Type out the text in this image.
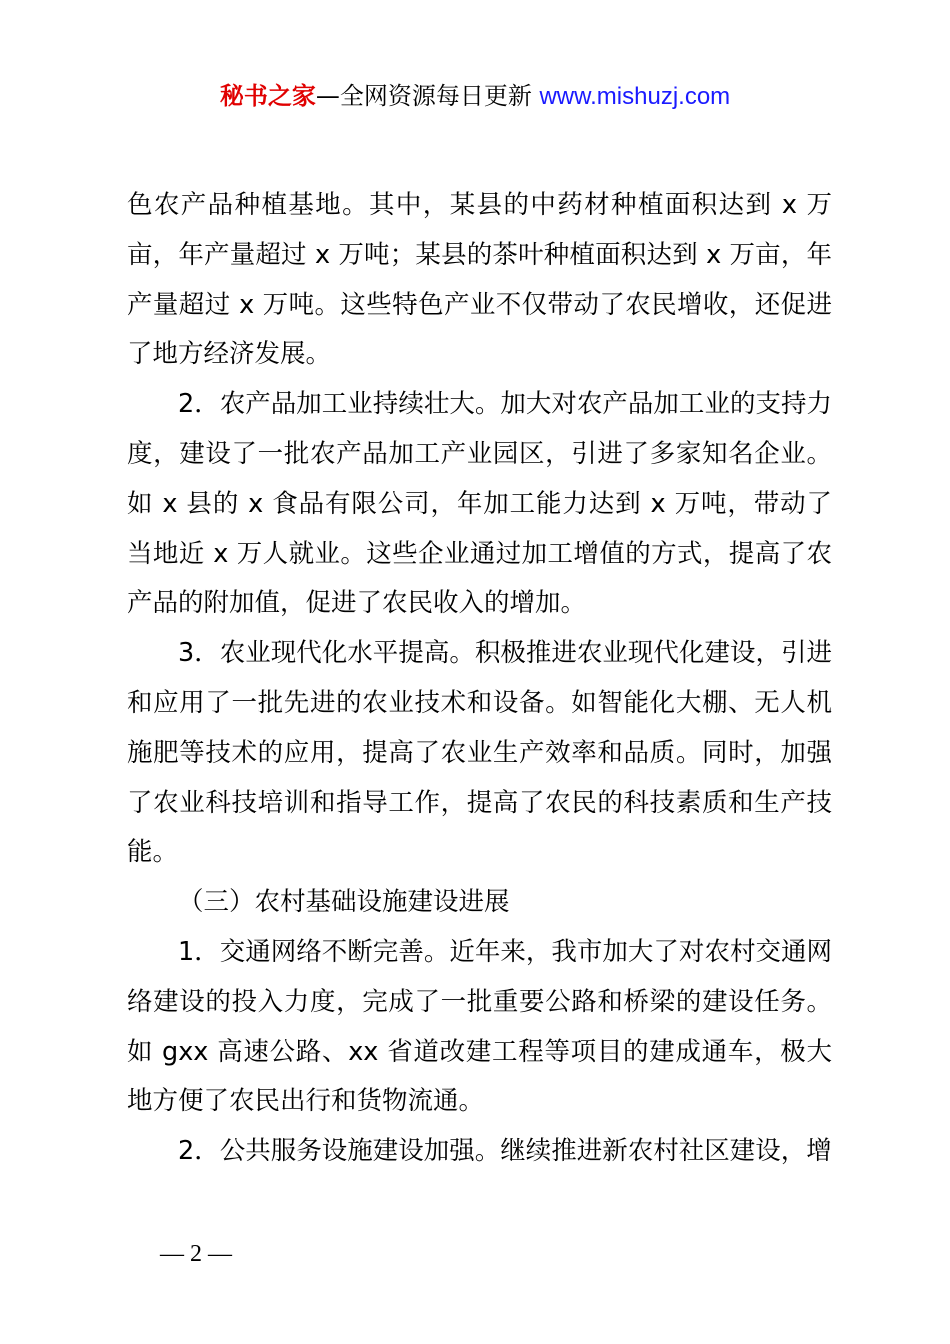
秘书之家—全网资源每日更新 www.mishuzj.com

色农产品种植基地。其中，某县的中药材种植面积达到 x 万亩，年产量超过 x 万吨；某县的茶叶种植面积达到 x 万亩，年产量超过 x 万吨。这些特色产业不仅带动了农民增收，还促进了地方经济发展。

2．农产品加工业持续壮大。加大对农产品加工业的支持力度，建设了一批农产品加工产业园区，引进了多家知名企业。如 x 县的 x 食品有限公司，年加工能力达到 x 万吨，带动了当地近 x 万人就业。这些企业通过加工增值的方式，提高了农产品的附加值，促进了农民收入的增加。

3．农业现代化水平提高。积极推进农业现代化建设，引进和应用了一批先进的农业技术和设备。如智能化大棚、无人机施肥等技术的应用，提高了农业生产效率和品质。同时，加强了农业科技培训和指导工作，提高了农民的科技素质和生产技能。

（三）农村基础设施建设进展

1．交通网络不断完善。近年来，我市加大了对农村交通网络建设的投入力度，完成了一批重要公路和桥梁的建设任务。如 gxx 高速公路、xx 省道改建工程等项目的建成通车，极大地方便了农民出行和货物流通。

2．公共服务设施建设加强。继续推进新农村社区建设，增

— 2 —
